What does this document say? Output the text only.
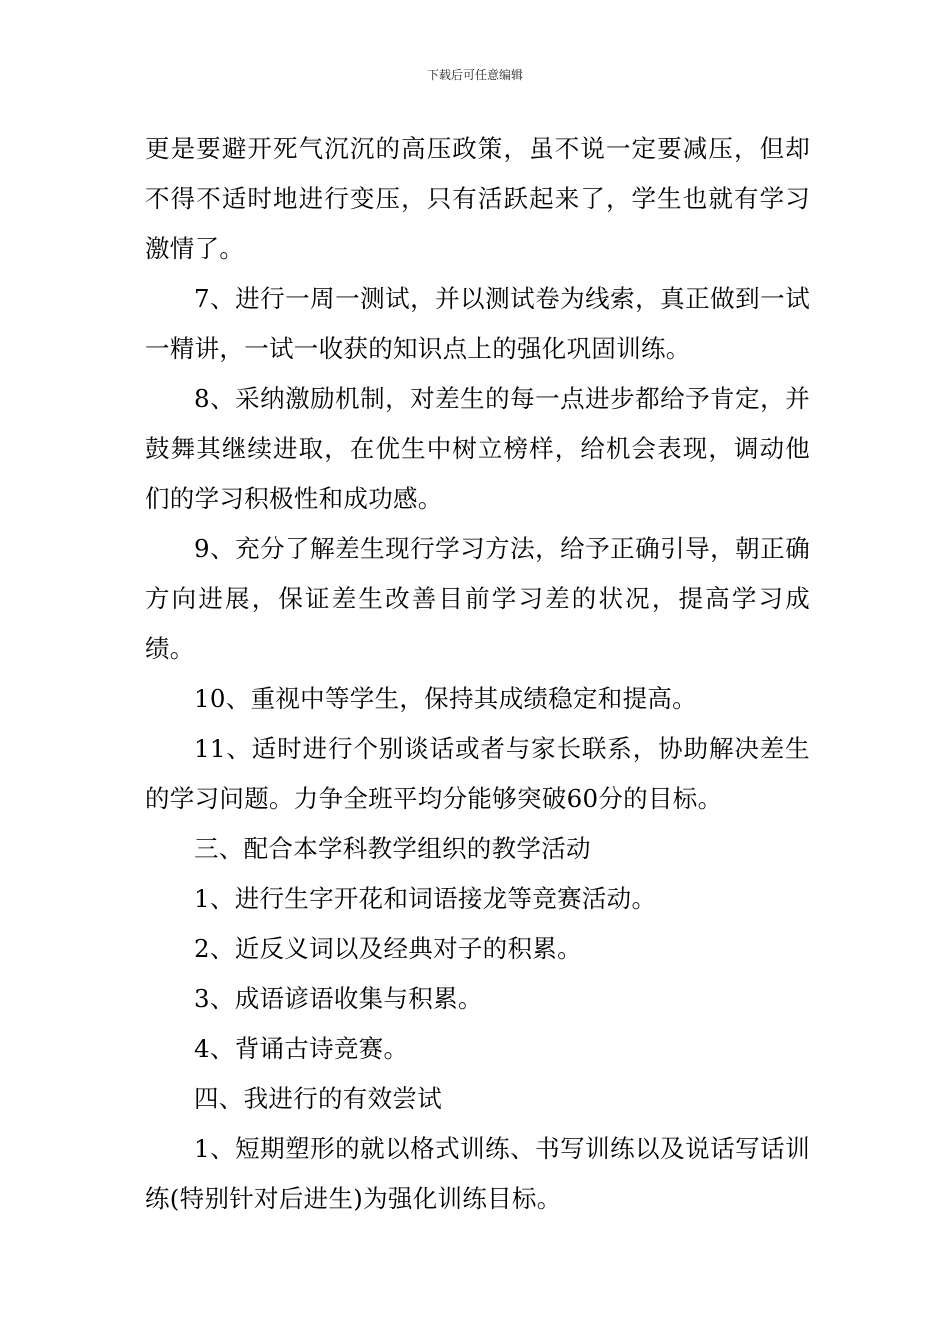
下载后可任意编辑

更是要避开死气沉沉的高压政策，虽不说一定要减压，但却不得不适时地进行变压，只有活跃起来了，学生也就有学习激情了。

7、进行一周一测试，并以测试卷为线索，真正做到一试一精讲，一试一收获的知识点上的强化巩固训练。

8、采纳激励机制，对差生的每一点进步都给予肯定，并鼓舞其继续进取，在优生中树立榜样，给机会表现，调动他们的学习积极性和成功感。

9、充分了解差生现行学习方法，给予正确引导，朝正确方向进展，保证差生改善目前学习差的状况，提高学习成绩。

10、重视中等学生，保持其成绩稳定和提高。

11、适时进行个别谈话或者与家长联系，协助解决差生的学习问题。力争全班平均分能够突破60分的目标。

三、配合本学科教学组织的教学活动

1、进行生字开花和词语接龙等竞赛活动。

2、近反义词以及经典对子的积累。

3、成语谚语收集与积累。

4、背诵古诗竞赛。

四、我进行的有效尝试

1、短期塑形的就以格式训练、书写训练以及说话写话训练(特别针对后进生)为强化训练目标。
